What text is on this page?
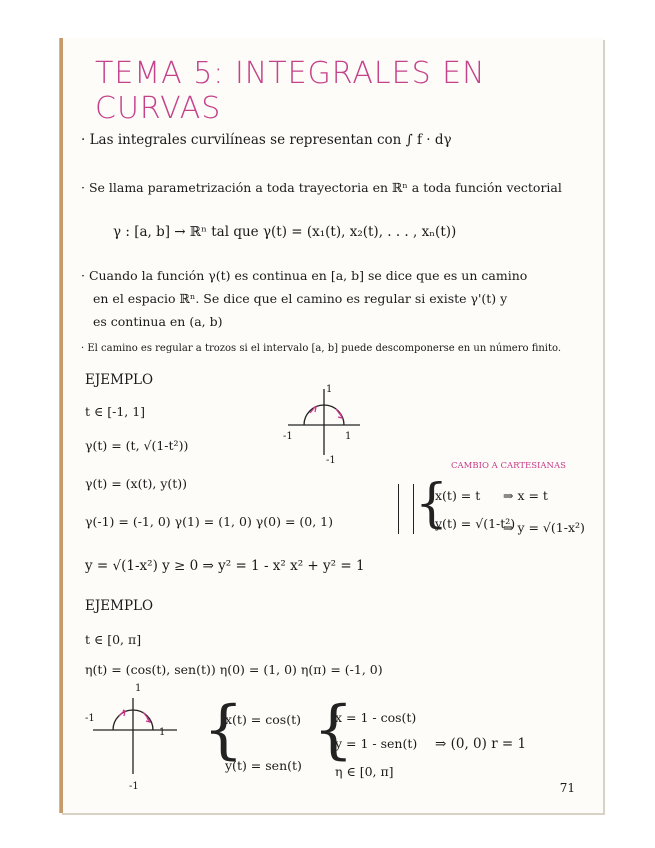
TEMA 5: INTEGRALES EN CURVAS
· Las integrales curvilíneas se representan con ∫ f · dγ
· Se llama parametrización a toda trayectoria en ℝⁿ a toda función vectorial
γ : [a, b] → ℝⁿ tal que γ(t) = (x₁(t), x₂(t), . . . , xₙ(t))
· Cuando la función γ(t) es continua en [a, b] se dice que es un camino
en el espacio ℝⁿ. Se dice que el camino es regular si existe γ'(t) y
es continua en (a, b)
· El camino es regular a trozos si el intervalo [a, b] puede descomponerse en un número finito.
EJEMPLO
t ∈ [-1, 1]
γ(t) = (t, √(1-t²))
γ(t) = (x(t), y(t))
γ(-1) = (-1, 0) γ(1) = (1, 0) γ(0) = (0, 1)
y = √(1-x²) y ≥ 0 ⇒ y² = 1 - x² x² + y² = 1
1
-1	1
-1	CAMBIO A CARTESIANAS
{
x(t) = t
y(t) = √(1-t²)
⇒ x = t
⇒ y = √(1-x²)
EJEMPLO
t ∈ [0, π]
η(t) = (cos(t), sen(t)) η(0) = (1, 0) η(π) = (-1, 0)
1
-1
1
-1
{
x(t) = cos(t)
y(t) = sen(t) {
x = 1 - cos(t)
y = 1 - sen(t)
η ∈ [0, π]
⇒ (0, 0) r = 1
71
